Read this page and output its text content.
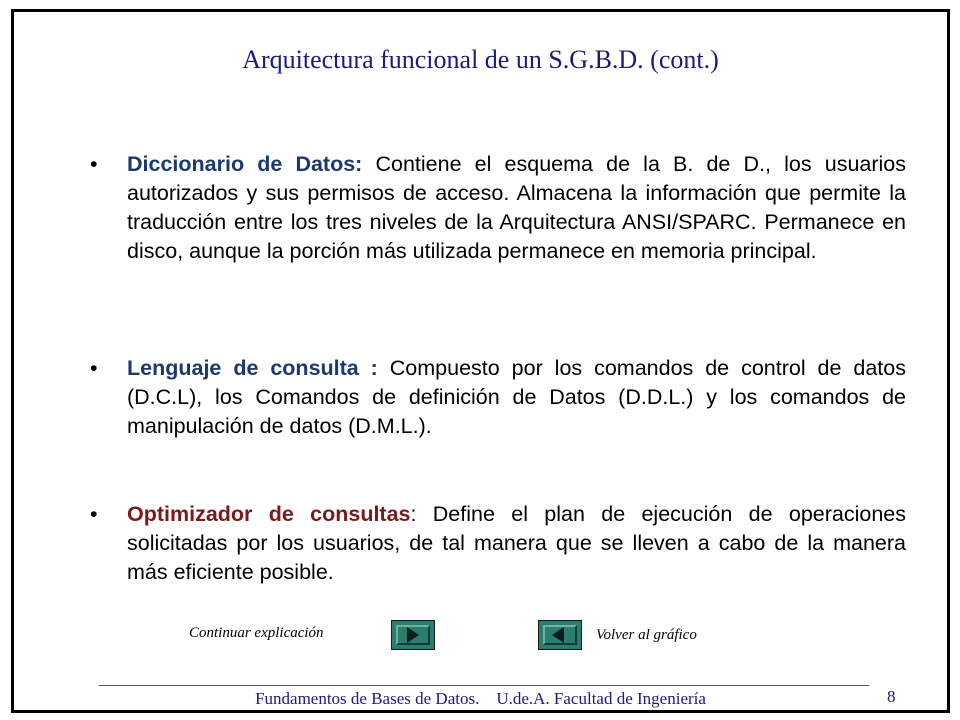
Arquitectura funcional de un S.G.B.D. (cont.)
• Diccionario de Datos: Contiene el esquema de la B. de D., los usuarios autorizados y sus permisos de acceso. Almacena la información que permite la traducción entre los tres niveles de la Arquitectura ANSI/SPARC. Permanece en disco, aunque la porción más utilizada permanece en memoria principal.
• Lenguaje de consulta : Compuesto por los comandos de control de datos (D.C.L), los Comandos de definición de Datos (D.D.L.) y los comandos de manipulación de datos (D.M.L.).
• Optimizador de consultas: Define el plan de ejecución de operaciones solicitadas por los usuarios, de tal manera que se lleven a cabo de la manera más eficiente posible.
Continuar explicación	Volver al gráfico
Fundamentos de Bases de Datos.    U.de.A. Facultad de Ingeniería	8
